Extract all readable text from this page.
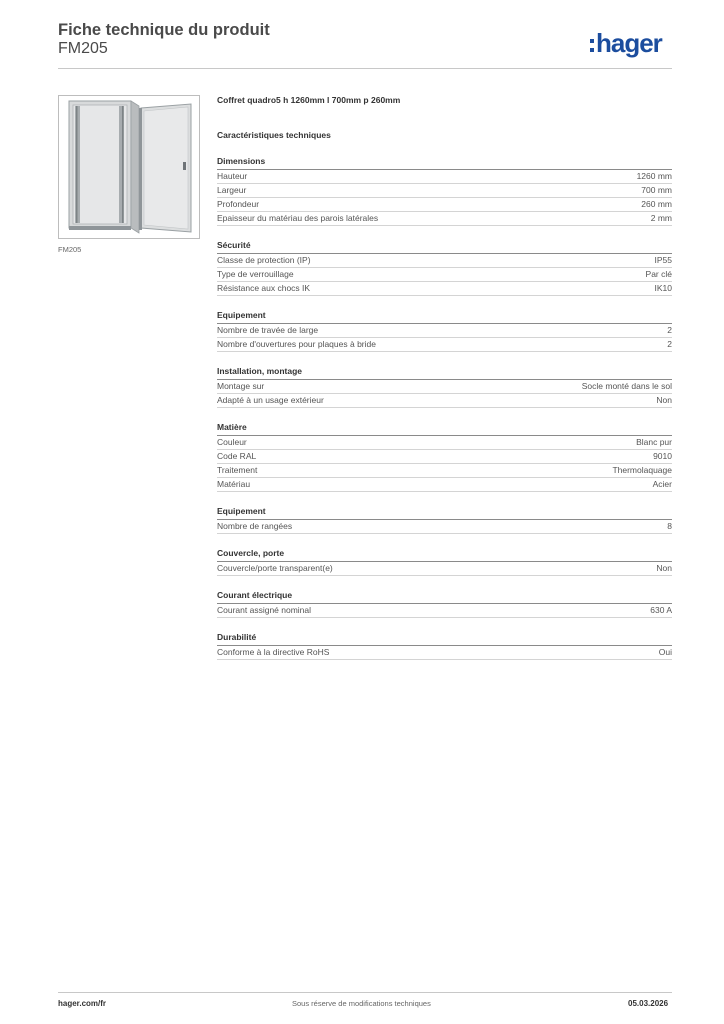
Fiche technique du produit
FM205	hager
FM205
Coffret quadro5 h 1260mm l 700mm p 260mm
Caractéristiques techniques
Dimensions
Hauteur	1260 mm
Largeur	700 mm
Profondeur	260 mm
Epaisseur du matériau des parois latérales	2 mm
Sécurité
Classe de protection (IP)	IP55
Type de verrouillage	Par clé
Résistance aux chocs IK	IK10
Equipement
Nombre de travée de large	2
Nombre d'ouvertures pour plaques à bride	2
Installation, montage
Montage sur	Socle monté dans le sol
Adapté à un usage extérieur	Non
Matière
Couleur	Blanc pur
Code RAL	9010
Traitement	Thermolaquage
Matériau	Acier
Equipement
Nombre de rangées	8
Couvercle, porte
Couvercle/porte transparent(e)	Non
Courant électrique
Courant assigné nominal	630 A
Durabilité
Conforme à la directive RoHS	Oui
hager.com/fr	Sous réserve de modifications techniques	05.03.2026
